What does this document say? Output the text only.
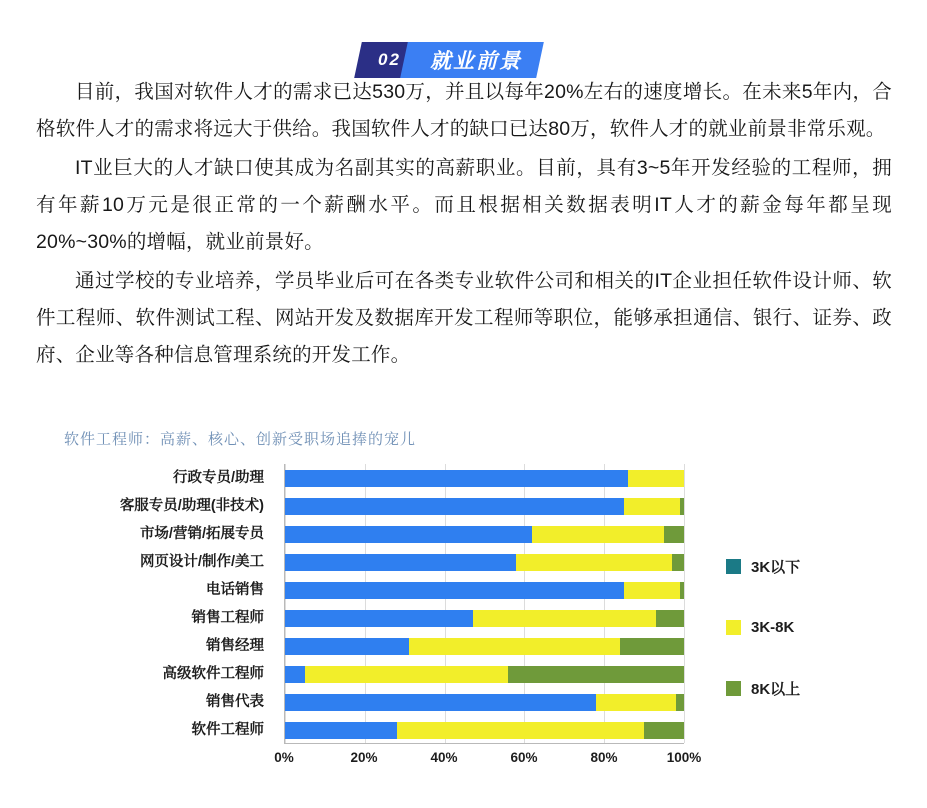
02 就业前景

目前，我国对软件人才的需求已达530万，并且以每年20%左右的速度增长。在未来5年内，合格软件人才的需求将远大于供给。我国软件人才的缺口已达80万，软件人才的就业前景非常乐观。

IT业巨大的人才缺口使其成为名副其实的高薪职业。目前，具有3~5年开发经验的工程师，拥有年薪10万元是很正常的一个薪酬水平。而且根据相关数据表明IT人才的薪金每年都呈现20%~30%的增幅，就业前景好。

通过学校的专业培养，学员毕业后可在各类专业软件公司和相关的IT企业担任软件设计师、软件工程师、软件测试工程、网站开发及数据库开发工程师等职位，能够承担通信、银行、证券、政府、企业等各种信息管理系统的开发工作。

软件工程师：高薪、核心、创新受职场追捧的宠儿
行政专员/助理
客服专员/助理(非技术)
市场/营销/拓展专员
网页设计/制作/美工
电话销售
销售工程师
销售经理
高级软件工程师
销售代表
软件工程师
0%	20%	40%	60%	80%	100%
3K以下
3K-8K
8K以上
